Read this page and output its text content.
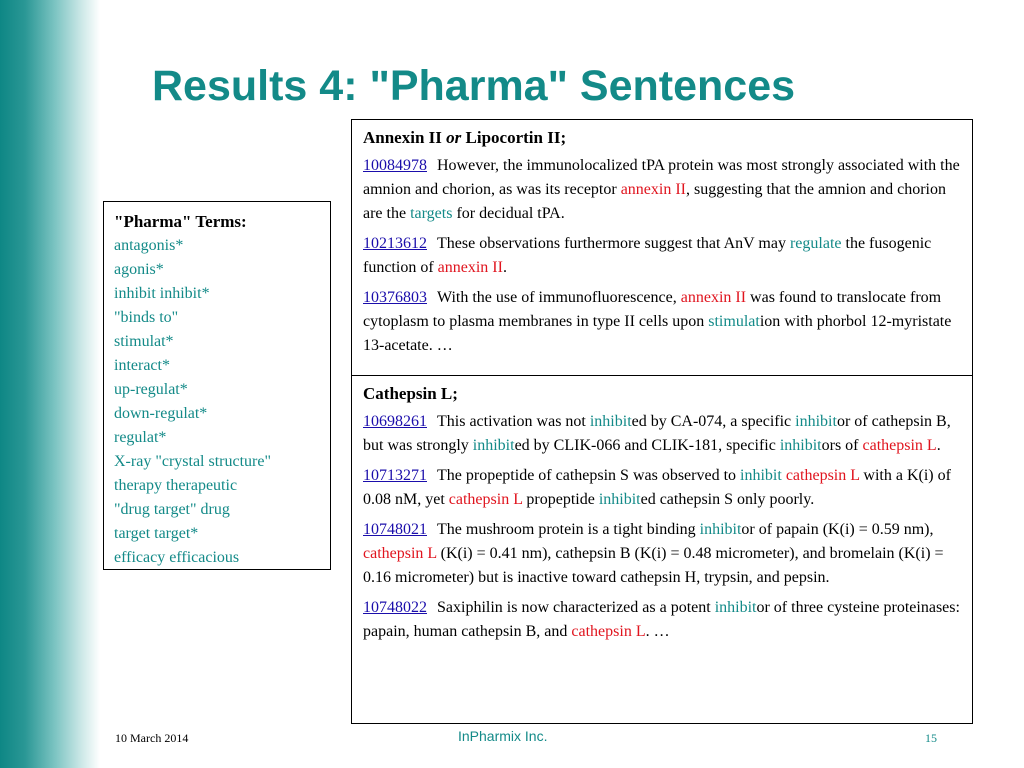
Results 4: "Pharma" Sentences
"Pharma" Terms:
antagonis*
agonis*
inhibit inhibit*
"binds to"
stimulat*
interact*
up-regulat*
down-regulat*
regulat*
X-ray "crystal structure"
therapy therapeutic
"drug target" drug
target target*
efficacy efficacious
Annexin II or Lipocortin II;
10084978 However, the immunolocalized tPA protein was most strongly associated with the amnion and chorion, as was its receptor annexin II, suggesting that the amnion and chorion are the targets for decidual tPA.
10213612 These observations furthermore suggest that AnV may regulate the fusogenic function of annexin II.
10376803 With the use of immunofluorescence, annexin II was found to translocate from cytoplasm to plasma membranes in type II cells upon stimulation with phorbol 12-myristate 13-acetate. …
Cathepsin L;
10698261 This activation was not inhibited by CA-074, a specific inhibitor of cathepsin B, but was strongly inhibited by CLIK-066 and CLIK-181, specific inhibitors of cathepsin L.
10713271 The propeptide of cathepsin S was observed to inhibit cathepsin L with a K(i) of 0.08 nM, yet cathepsin L propeptide inhibited cathepsin S only poorly.
10748021 The mushroom protein is a tight binding inhibitor of papain (K(i) = 0.59 nm), cathepsin L (K(i) = 0.41 nm), cathepsin B (K(i) = 0.48 micrometer), and bromelain (K(i) = 0.16 micrometer) but is inactive toward cathepsin H, trypsin, and pepsin.
10748022 Saxiphilin is now characterized as a potent inhibitor of three cysteine proteinases: papain, human cathepsin B, and cathepsin L. …
10 March 2014	InPharmix Inc.	15
